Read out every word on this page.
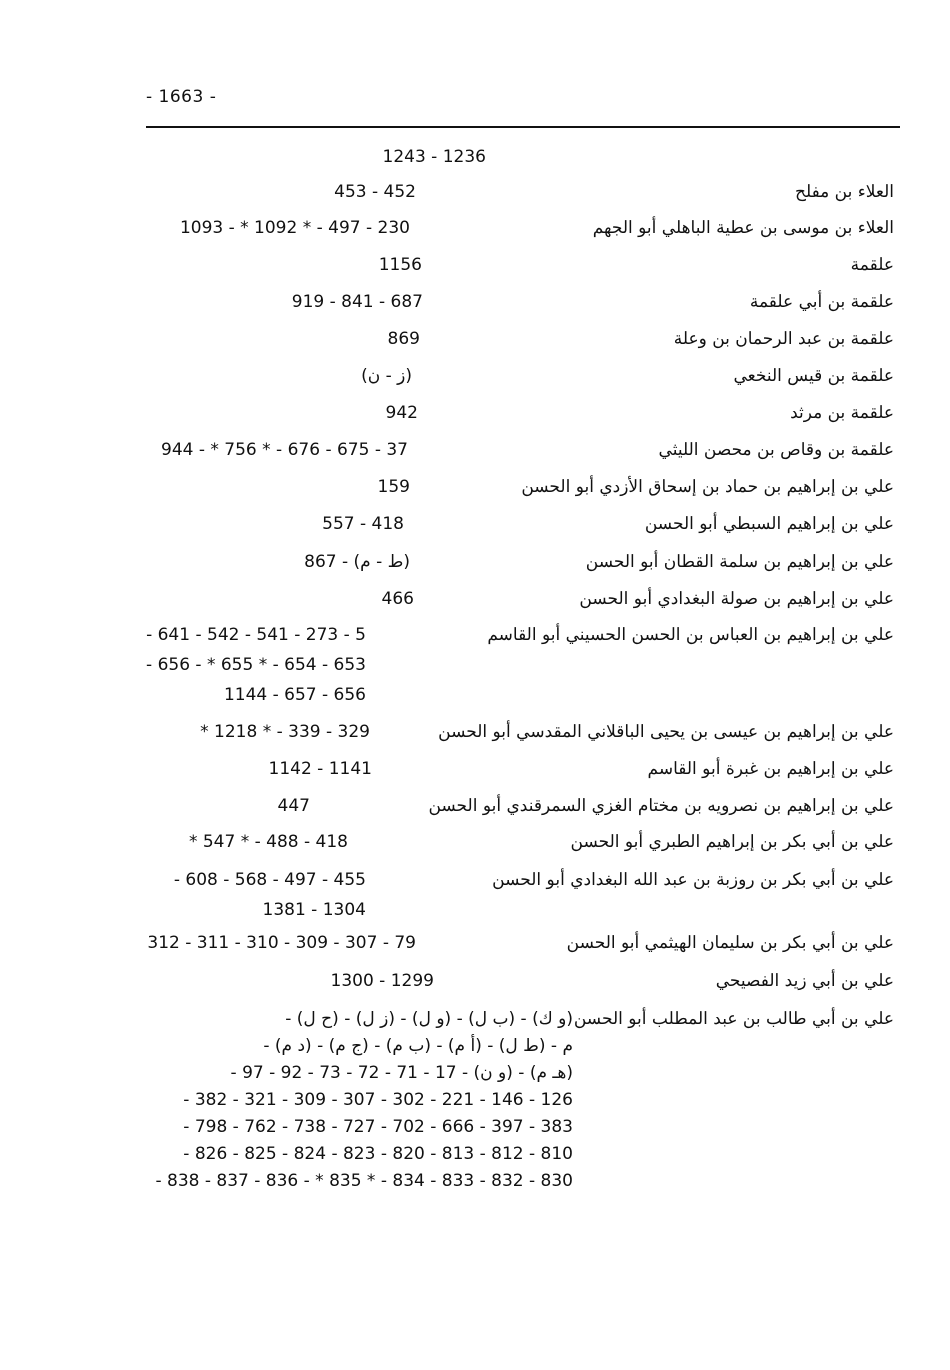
- 1663 -
1243 - 1236
العلاء بن مفلح
453 - 452
العلاء بن موسى بن عطية الباهلي أبو الجهم
1093 - * 1092 * - 497 - 230
علقمة
1156
علقمة بن أبي علقمة
919 - 841 - 687
علقمة بن عبد الرحمان بن وعلة
869
علقمة بن قيس النخعي
(ز - ن)
علقمة بن مرثد
942
علقمة بن وقاص بن محصن الليثي
944 - * 756 * - 676 - 675 - 37
علي بن إبراهيم بن حماد بن إسحاق الأزدي أبو الحسن
159
علي بن إبراهيم السبطي أبو الحسن
557 - 418
علي بن إبراهيم بن سلمة القطان أبو الحسن
867 - (ط - م)
علي بن إبراهيم بن صولة البغدادي أبو الحسن
466
علي بن إبراهيم بن العباس بن الحسن الحسيني أبو القاسم
- 641 - 542 - 541 - 273 - 5
- 656 - * 655 * - 654 - 653
1144 - 657 - 656
علي بن إبراهيم بن عيسى بن يحيى الباقلاني المقدسي أبو الحسن
* 1218 * - 339 - 329
علي بن إبراهيم بن غبرة أبو القاسم
1142 - 1141
علي بن إبراهيم بن نصرويه بن مختام الغزي السمرقندي أبو الحسن
447
علي بن أبي بكر بن إبراهيم الطبري أبو الحسن
* 547 * - 488 - 418
علي بن أبي بكر بن روزبة بن عبد الله البغدادي أبو الحسن
- 608 - 568 - 497 - 455
1381 - 1304
علي بن أبي بكر بن سليمان الهيثمي أبو الحسن
312 - 311 - 310 - 309 - 307 - 79
علي بن أبي زيد الفصيحي
1300 - 1299
علي بن أبي طالب بن عبد المطلب أبو الحسن
- (ح ل) - (ز ل) - (و ل) - (ب ل) - (و ك)
- (د م) - (ج م) - (ب م) - (أ م) - م - (ط ل)
- 97 - 92 - 73 - 72 - 71 - 17 - (و ن) - (هـ م)
- 382 - 321 - 309 - 307 - 302 - 221 - 146 - 126
- 798 - 762 - 738 - 727 - 702 - 666 - 397 - 383
- 826 - 825 - 824 - 823 - 820 - 813 - 812 - 810
- 838 - 837 - 836 - * 835 * - 834 - 833 - 832 - 830
